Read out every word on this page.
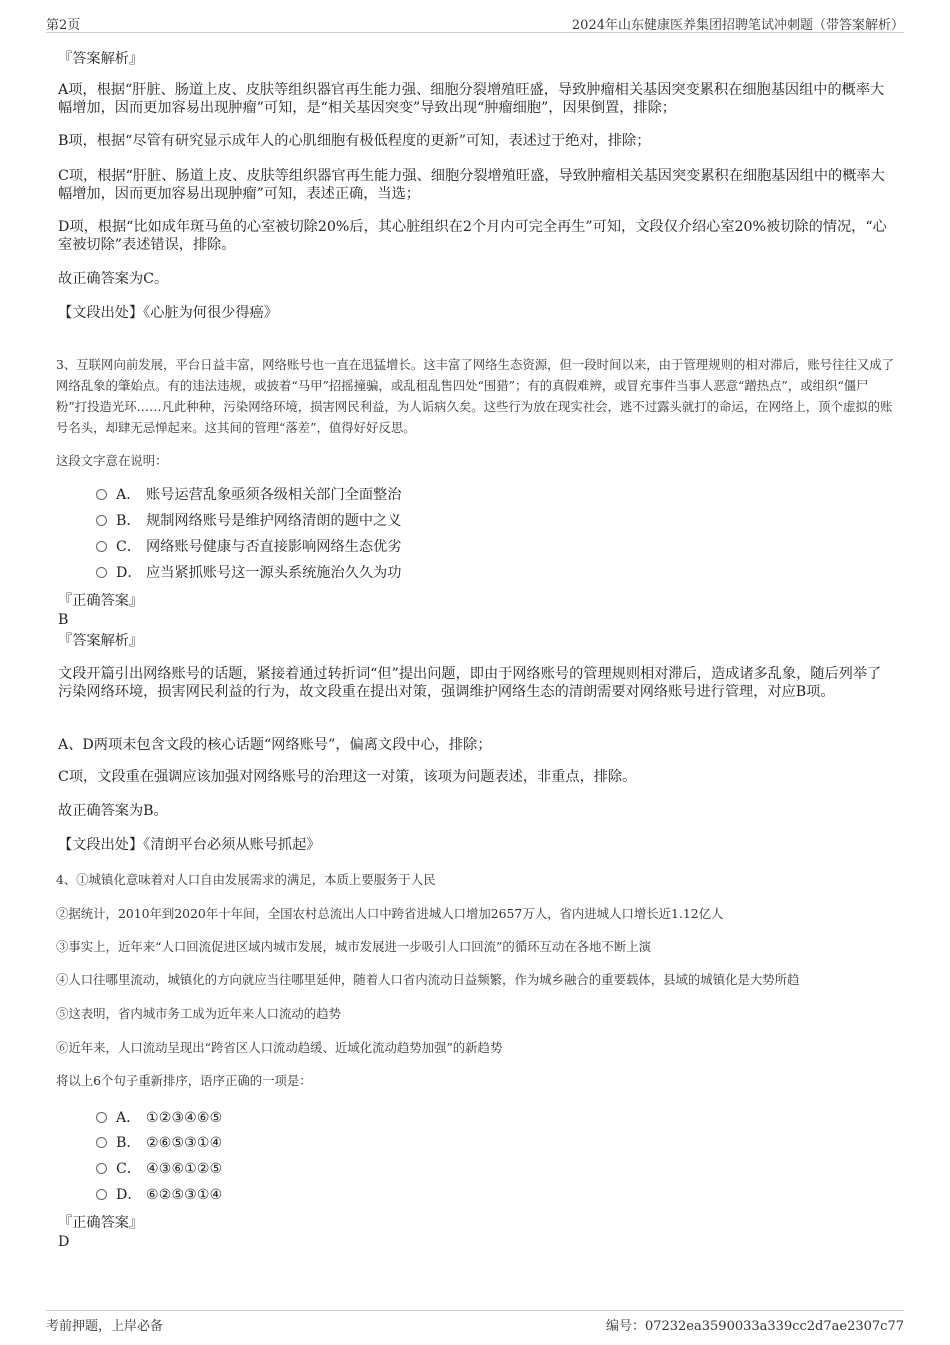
第2页	2024年山东健康医养集团招聘笔试冲刺题（带答案解析）
『答案解析』
A项，根据“肝脏、肠道上皮、皮肤等组织器官再生能力强、细胞分裂增殖旺盛，导致肿瘤相关基因突变累积在细胞基因组中的概率大幅增加，因而更加容易出现肿瘤”可知，是“相关基因突变”导致出现“肿瘤细胞”，因果倒置，排除；
B项，根据“尽管有研究显示成年人的心肌细胞有极低程度的更新”可知，表述过于绝对，排除；
C项，根据“肝脏、肠道上皮、皮肤等组织器官再生能力强、细胞分裂增殖旺盛，导致肿瘤相关基因突变累积在细胞基因组中的概率大幅增加，因而更加容易出现肿瘤”可知，表述正确，当选；
D项，根据“比如成年斑马鱼的心室被切除20%后，其心脏组织在2个月内可完全再生”可知，文段仅介绍心室20%被切除的情况，“心室被切除”表述错误，排除。
故正确答案为C。
【文段出处】《心脏为何很少得癌》
3、互联网向前发展，平台日益丰富，网络账号也一直在迅猛增长。这丰富了网络生态资源，但一段时间以来，由于管理规则的相对滞后，账号往往又成了网络乱象的肇始点。有的违法违规，或披着“马甲”招摇撞骗，或乱租乱售四处“围猎”；有的真假难辨，或冒充事件当事人恶意“蹭热点”，或组织“僵尸粉”打投造光环……凡此种种，污染网络环境，损害网民利益，为人诟病久矣。这些行为放在现实社会，逃不过露头就打的命运，在网络上，顶个虚拟的账号名头，却肆无忌惮起来。这其间的管理“落差”，值得好好反思。
这段文字意在说明：
A． 账号运营乱象亟须各级相关部门全面整治
B． 规制网络账号是维护网络清朗的题中之义
C． 网络账号健康与否直接影响网络生态优劣
D． 应当紧抓账号这一源头系统施治久久为功
『正确答案』
B
『答案解析』
文段开篇引出网络账号的话题，紧接着通过转折词“但”提出问题，即由于网络账号的管理规则相对滞后，造成诸多乱象，随后列举了污染网络环境，损害网民利益的行为，故文段重在提出对策，强调维护网络生态的清朗需要对网络账号进行管理，对应B项。
A、D两项未包含文段的核心话题“网络账号”，偏离文段中心，排除；
C项，文段重在强调应该加强对网络账号的治理这一对策，该项为问题表述，非重点，排除。
故正确答案为B。
【文段出处】《清朗平台必须从账号抓起》
4、①城镇化意味着对人口自由发展需求的满足，本质上要服务于人民
②据统计，2010年到2020年十年间，全国农村总流出人口中跨省进城人口增加2657万人，省内进城人口增长近1.12亿人
③事实上，近年来“人口回流促进区域内城市发展，城市发展进一步吸引人口回流”的循环互动在各地不断上演
④人口往哪里流动，城镇化的方向就应当往哪里延伸，随着人口省内流动日益频繁，作为城乡融合的重要载体，县域的城镇化是大势所趋
⑤这表明，省内城市务工成为近年来人口流动的趋势
⑥近年来，人口流动呈现出“跨省区人口流动趋缓、近域化流动趋势加强”的新趋势
将以上6个句子重新排序，语序正确的一项是：
A． ①②③④⑥⑤
B． ②⑥⑤③①④
C． ④③⑥①②⑤
D． ⑥②⑤③①④
『正确答案』
D
考前押题，上岸必备	编号：07232ea3590033a339cc2d7ae2307c77
